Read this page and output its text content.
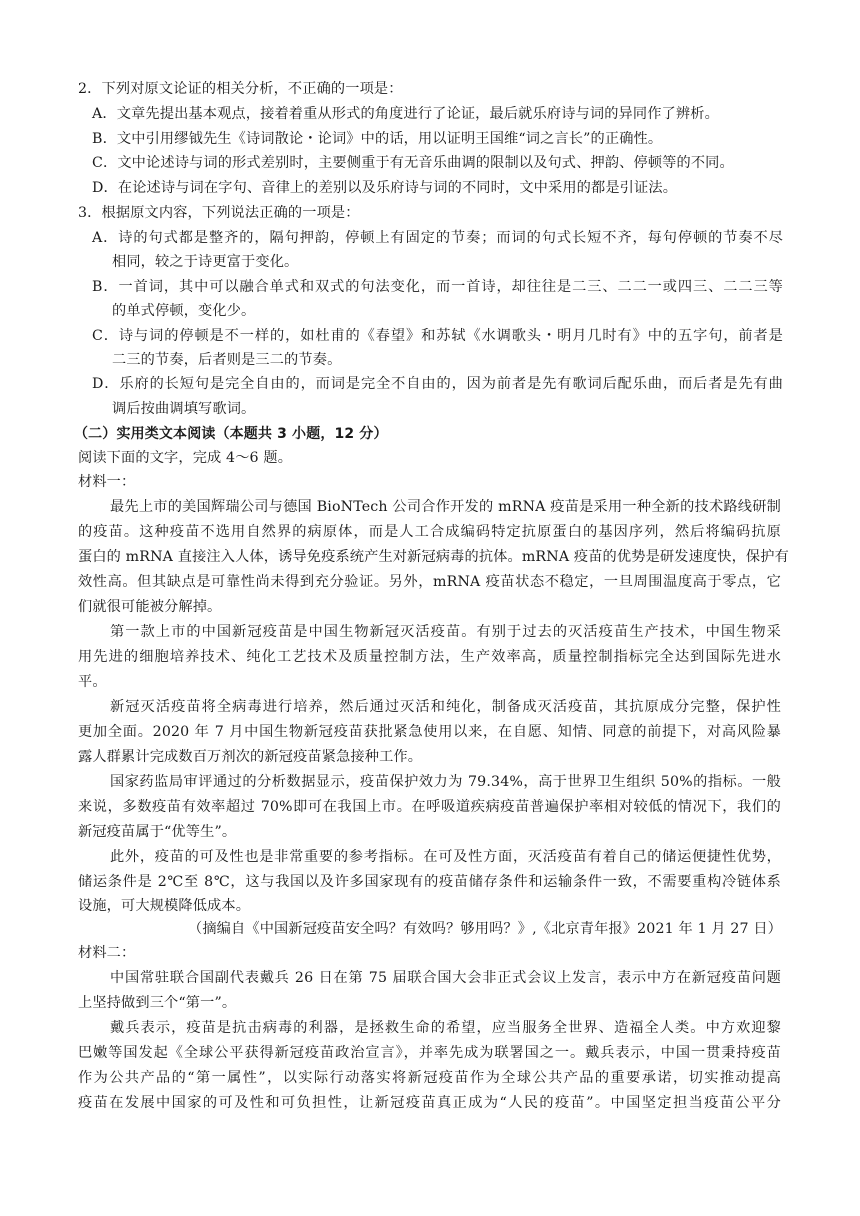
2．下列对原文论证的相关分析，不正确的一项是：
A．文章先提出基本观点，接着着重从形式的角度进行了论证，最后就乐府诗与词的异同作了辨析。
B．文中引用缪钺先生《诗词散论・论词》中的话，用以证明王国维“词之言长”的正确性。
C．文中论述诗与词的形式差别时，主要侧重于有无音乐曲调的限制以及句式、押韵、停顿等的不同。
D．在论述诗与词在字句、音律上的差别以及乐府诗与词的不同时，文中采用的都是引证法。
3．根据原文内容，下列说法正确的一项是：
A．诗的句式都是整齐的，隔句押韵，停顿上有固定的节奏；而词的句式长短不齐，每句停顿的节奏不尽
相同，较之于诗更富于变化。
B．一首词，其中可以融合单式和双式的句法变化，而一首诗，却往往是二三、二二一或四三、二二三等
的单式停顿，变化少。
C．诗与词的停顿是不一样的，如杜甫的《春望》和苏轼《水调歌头・明月几时有》中的五字句，前者是
二三的节奏，后者则是三二的节奏。
D．乐府的长短句是完全自由的，而词是完全不自由的，因为前者是先有歌词后配乐曲，而后者是先有曲
调后按曲调填写歌词。
（二）实用类文本阅读（本题共 3 小题，12 分）
阅读下面的文字，完成 4～6 题。
材料一：
最先上市的美国辉瑞公司与德国 BioNTech 公司合作开发的 mRNA 疫苗是采用一种全新的技术路线研制
的疫苗。这种疫苗不选用自然界的病原体，而是人工合成编码特定抗原蛋白的基因序列，然后将编码抗原
蛋白的 mRNA 直接注入人体，诱导免疫系统产生对新冠病毒的抗体。mRNA 疫苗的优势是研发速度快，保护有
效性高。但其缺点是可靠性尚未得到充分验证。另外，mRNA 疫苗状态不稳定，一旦周围温度高于零点，它
们就很可能被分解掉。
第一款上市的中国新冠疫苗是中国生物新冠灭活疫苗。有别于过去的灭活疫苗生产技术，中国生物采
用先进的细胞培养技术、纯化工艺技术及质量控制方法，生产效率高，质量控制指标完全达到国际先进水
平。
新冠灭活疫苗将全病毒进行培养，然后通过灭活和纯化，制备成灭活疫苗，其抗原成分完整，保护性
更加全面。2020 年 7 月中国生物新冠疫苗获批紧急使用以来，在自愿、知情、同意的前提下，对高风险暴
露人群累计完成数百万剂次的新冠疫苗紧急接种工作。
国家药监局审评通过的分析数据显示，疫苗保护效力为 79.34%，高于世界卫生组织 50%的指标。一般
来说，多数疫苗有效率超过 70%即可在我国上市。在呼吸道疾病疫苗普遍保护率相对较低的情况下，我们的
新冠疫苗属于“优等生”。
此外，疫苗的可及性也是非常重要的参考指标。在可及性方面，灭活疫苗有着自己的储运便捷性优势，
储运条件是 2℃至 8℃，这与我国以及许多国家现有的疫苗储存条件和运输条件一致，不需要重构冷链体系
设施，可大规模降低成本。
（摘编自《中国新冠疫苗安全吗？有效吗？够用吗？》,《北京青年报》2021 年 1 月 27 日）
材料二：
中国常驻联合国副代表戴兵 26 日在第 75 届联合国大会非正式会议上发言，表示中方在新冠疫苗问题
上坚持做到三个“第一”。
戴兵表示，疫苗是抗击病毒的利器，是拯救生命的希望，应当服务全世界、造福全人类。中方欢迎黎
巴嫩等国发起《全球公平获得新冠疫苗政治宣言》，并率先成为联署国之一。戴兵表示，中国一贯秉持疫苗
作为公共产品的“第一属性”，以实际行动落实将新冠疫苗作为全球公共产品的重要承诺，切实推动提高
疫苗在发展中国家的可及性和可负担性，让新冠疫苗真正成为“人民的疫苗”。中国坚定担当疫苗公平分
